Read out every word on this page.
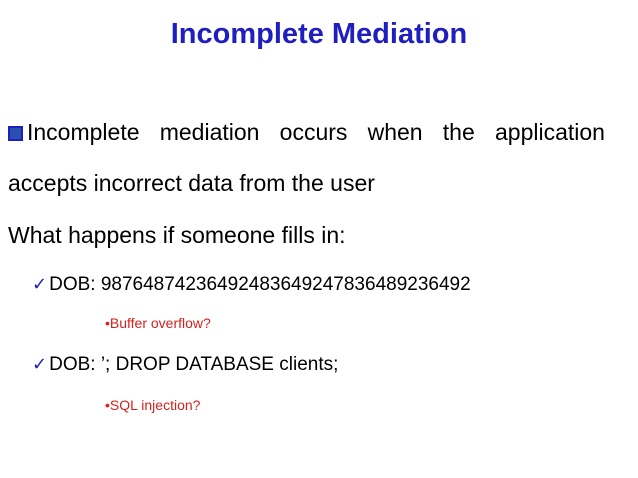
Incomplete Mediation
Incomplete mediation occurs when the application
accepts incorrect data from the user
What happens if someone fills in:
✓ DOB: 98764874236492483649247836489236492
•Buffer overflow?
✓ DOB: ’; DROP DATABASE clients;
•SQL injection?
